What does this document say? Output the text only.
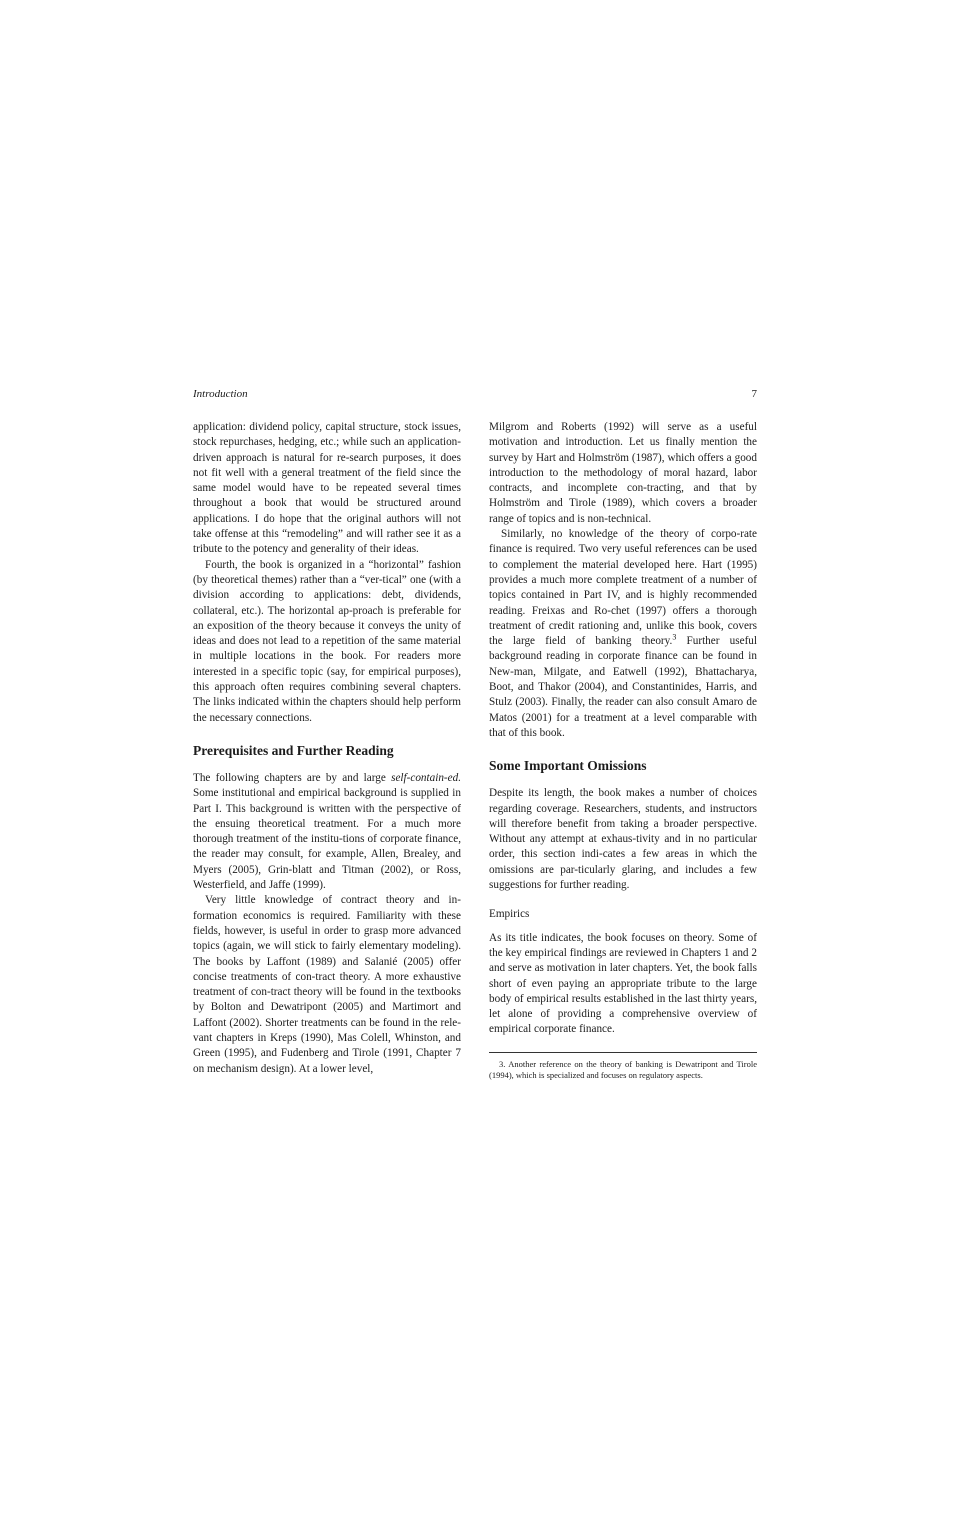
Introduction	7

application: dividend policy, capital structure, stock issues, stock repurchases, hedging, etc.; while such an application-driven approach is natural for re-search purposes, it does not fit well with a general treatment of the field since the same model would have to be repeated several times throughout a book that would be structured around applications. I do hope that the original authors will not take offense at this “remodeling” and will rather see it as a tribute to the potency and generality of their ideas.

Fourth, the book is organized in a “horizontal” fashion (by theoretical themes) rather than a “ver-tical” one (with a division according to applications: debt, dividends, collateral, etc.). The horizontal ap-proach is preferable for an exposition of the theory because it conveys the unity of ideas and does not lead to a repetition of the same material in multiple locations in the book. For readers more interested in a specific topic (say, for empirical purposes), this approach often requires combining several chapters. The links indicated within the chapters should help perform the necessary connections.

Prerequisites and Further Reading

The following chapters are by and large self-contain-ed. Some institutional and empirical background is supplied in Part I. This background is written with the perspective of the ensuing theoretical treatment. For a much more thorough treatment of the institu-tions of corporate finance, the reader may consult, for example, Allen, Brealey, and Myers (2005), Grin-blatt and Titman (2002), or Ross, Westerfield, and Jaffe (1999).

Very little knowledge of contract theory and in-formation economics is required. Familiarity with these fields, however, is useful in order to grasp more advanced topics (again, we will stick to fairly elementary modeling). The books by Laffont (1989) and Salanié (2005) offer concise treatments of con-tract theory. A more exhaustive treatment of con-tract theory will be found in the textbooks by Bolton and Dewatripont (2005) and Martimort and Laffont (2002). Shorter treatments can be found in the rele-vant chapters in Kreps (1990), Mas Colell, Whinston, and Green (1995), and Fudenberg and Tirole (1991, Chapter 7 on mechanism design). At a lower level,

Milgrom and Roberts (1992) will serve as a useful motivation and introduction. Let us finally mention the survey by Hart and Holmström (1987), which offers a good introduction to the methodology of moral hazard, labor contracts, and incomplete con-tracting, and that by Holmström and Tirole (1989), which covers a broader range of topics and is non-technical.

Similarly, no knowledge of the theory of corpo-rate finance is required. Two very useful references can be used to complement the material developed here. Hart (1995) provides a much more complete treatment of a number of topics contained in Part IV, and is highly recommended reading. Freixas and Ro-chet (1997) offers a thorough treatment of credit rationing and, unlike this book, covers the large field of banking theory.$^3$ Further useful background reading in corporate finance can be found in New-man, Milgate, and Eatwell (1992), Bhattacharya, Boot, and Thakor (2004), and Constantinides, Harris, and Stulz (2003). Finally, the reader can also consult Amaro de Matos (2001) for a treatment at a level comparable with that of this book.

Some Important Omissions

Despite its length, the book makes a number of choices regarding coverage. Researchers, students, and instructors will therefore benefit from taking a broader perspective. Without any attempt at exhaus-tivity and in no particular order, this section indi-cates a few areas in which the omissions are par-ticularly glaring, and includes a few suggestions for further reading.

Empirics

As its title indicates, the book focuses on theory. Some of the key empirical findings are reviewed in Chapters 1 and 2 and serve as motivation in later chapters. Yet, the book falls short of even paying an appropriate tribute to the large body of empirical results established in the last thirty years, let alone of providing a comprehensive overview of empirical corporate finance.

3. Another reference on the theory of banking is Dewatripont and Tirole (1994), which is specialized and focuses on regulatory aspects.
